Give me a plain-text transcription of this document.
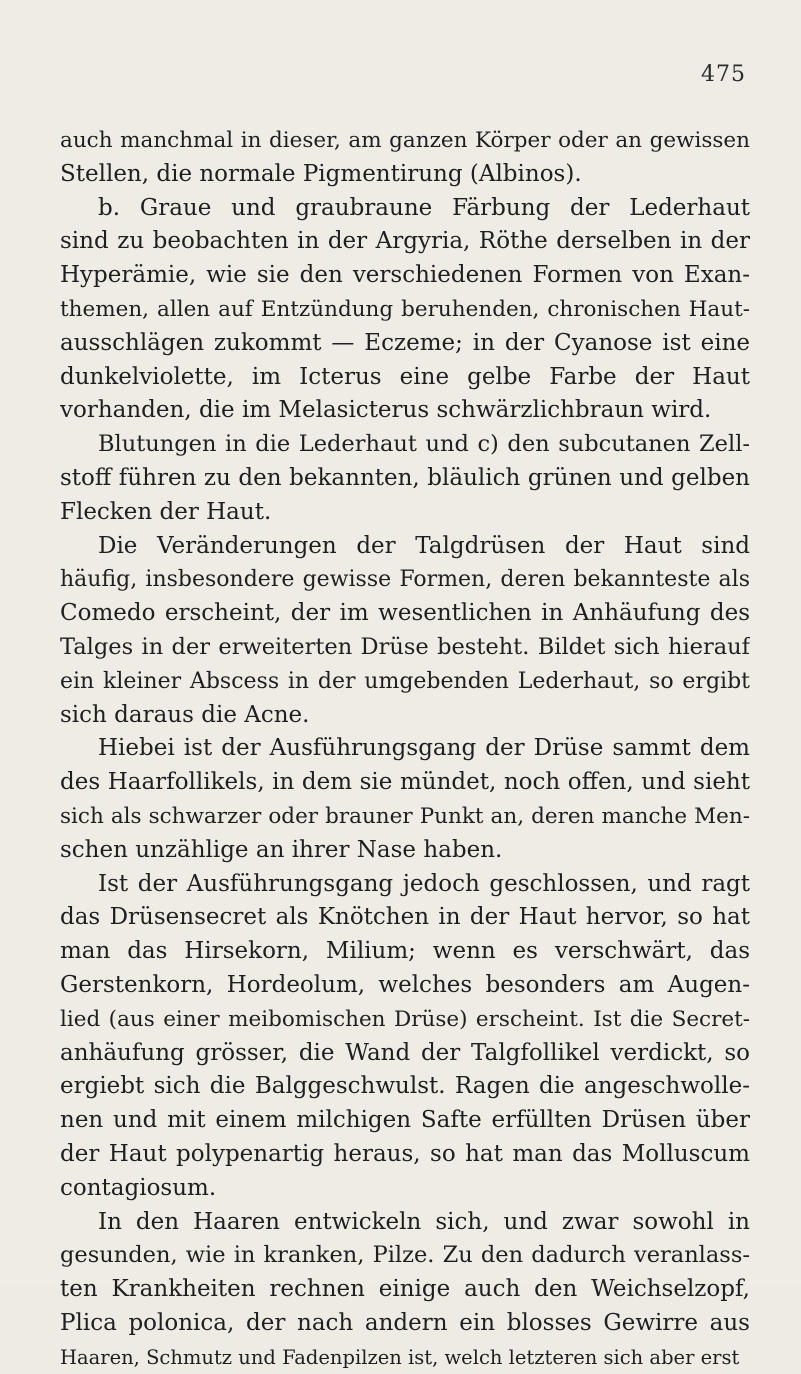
475
auch manchmal in dieser, am ganzen Körper oder an gewissen
Stellen, die normale Pigmentirung (Albinos).
b. Graue und graubraune Färbung der Lederhaut
sind zu beobachten in der Argyria, Röthe derselben in der
Hyperämie, wie sie den verschiedenen Formen von Exan-
themen, allen auf Entzündung beruhenden, chronischen Haut-
ausschlägen zukommt — Eczeme; in der Cyanose ist eine
dunkelviolette, im Icterus eine gelbe Farbe der Haut
vorhanden, die im Melasicterus schwärzlichbraun wird.
Blutungen in die Lederhaut und c) den subcutanen Zell-
stoff führen zu den bekannten, bläulich grünen und gelben
Flecken der Haut.
Die Veränderungen der Talgdrüsen der Haut sind
häufig, insbesondere gewisse Formen, deren bekannteste als
Comedo erscheint, der im wesentlichen in Anhäufung des
Talges in der erweiterten Drüse besteht. Bildet sich hierauf
ein kleiner Abscess in der umgebenden Lederhaut, so ergibt
sich daraus die Acne.
Hiebei ist der Ausführungsgang der Drüse sammt dem
des Haarfollikels, in dem sie mündet, noch offen, und sieht
sich als schwarzer oder brauner Punkt an, deren manche Men-
schen unzählige an ihrer Nase haben.
Ist der Ausführungsgang jedoch geschlossen, und ragt
das Drüsensecret als Knötchen in der Haut hervor, so hat
man das Hirsekorn, Milium; wenn es verschwärt, das
Gerstenkorn, Hordeolum, welches besonders am Augen-
lied (aus einer meibomischen Drüse) erscheint. Ist die Secret-
anhäufung grösser, die Wand der Talgfollikel verdickt, so
ergiebt sich die Balggeschwulst. Ragen die angeschwolle-
nen und mit einem milchigen Safte erfüllten Drüsen über
der Haut polypenartig heraus, so hat man das Molluscum
contagiosum.
In den Haaren entwickeln sich, und zwar sowohl in
gesunden, wie in kranken, Pilze. Zu den dadurch veranlass-
ten Krankheiten rechnen einige auch den Weichselzopf,
Plica polonica, der nach andern ein blosses Gewirre aus
Haaren, Schmutz und Fadenpilzen ist, welch letzteren sich aber erst
